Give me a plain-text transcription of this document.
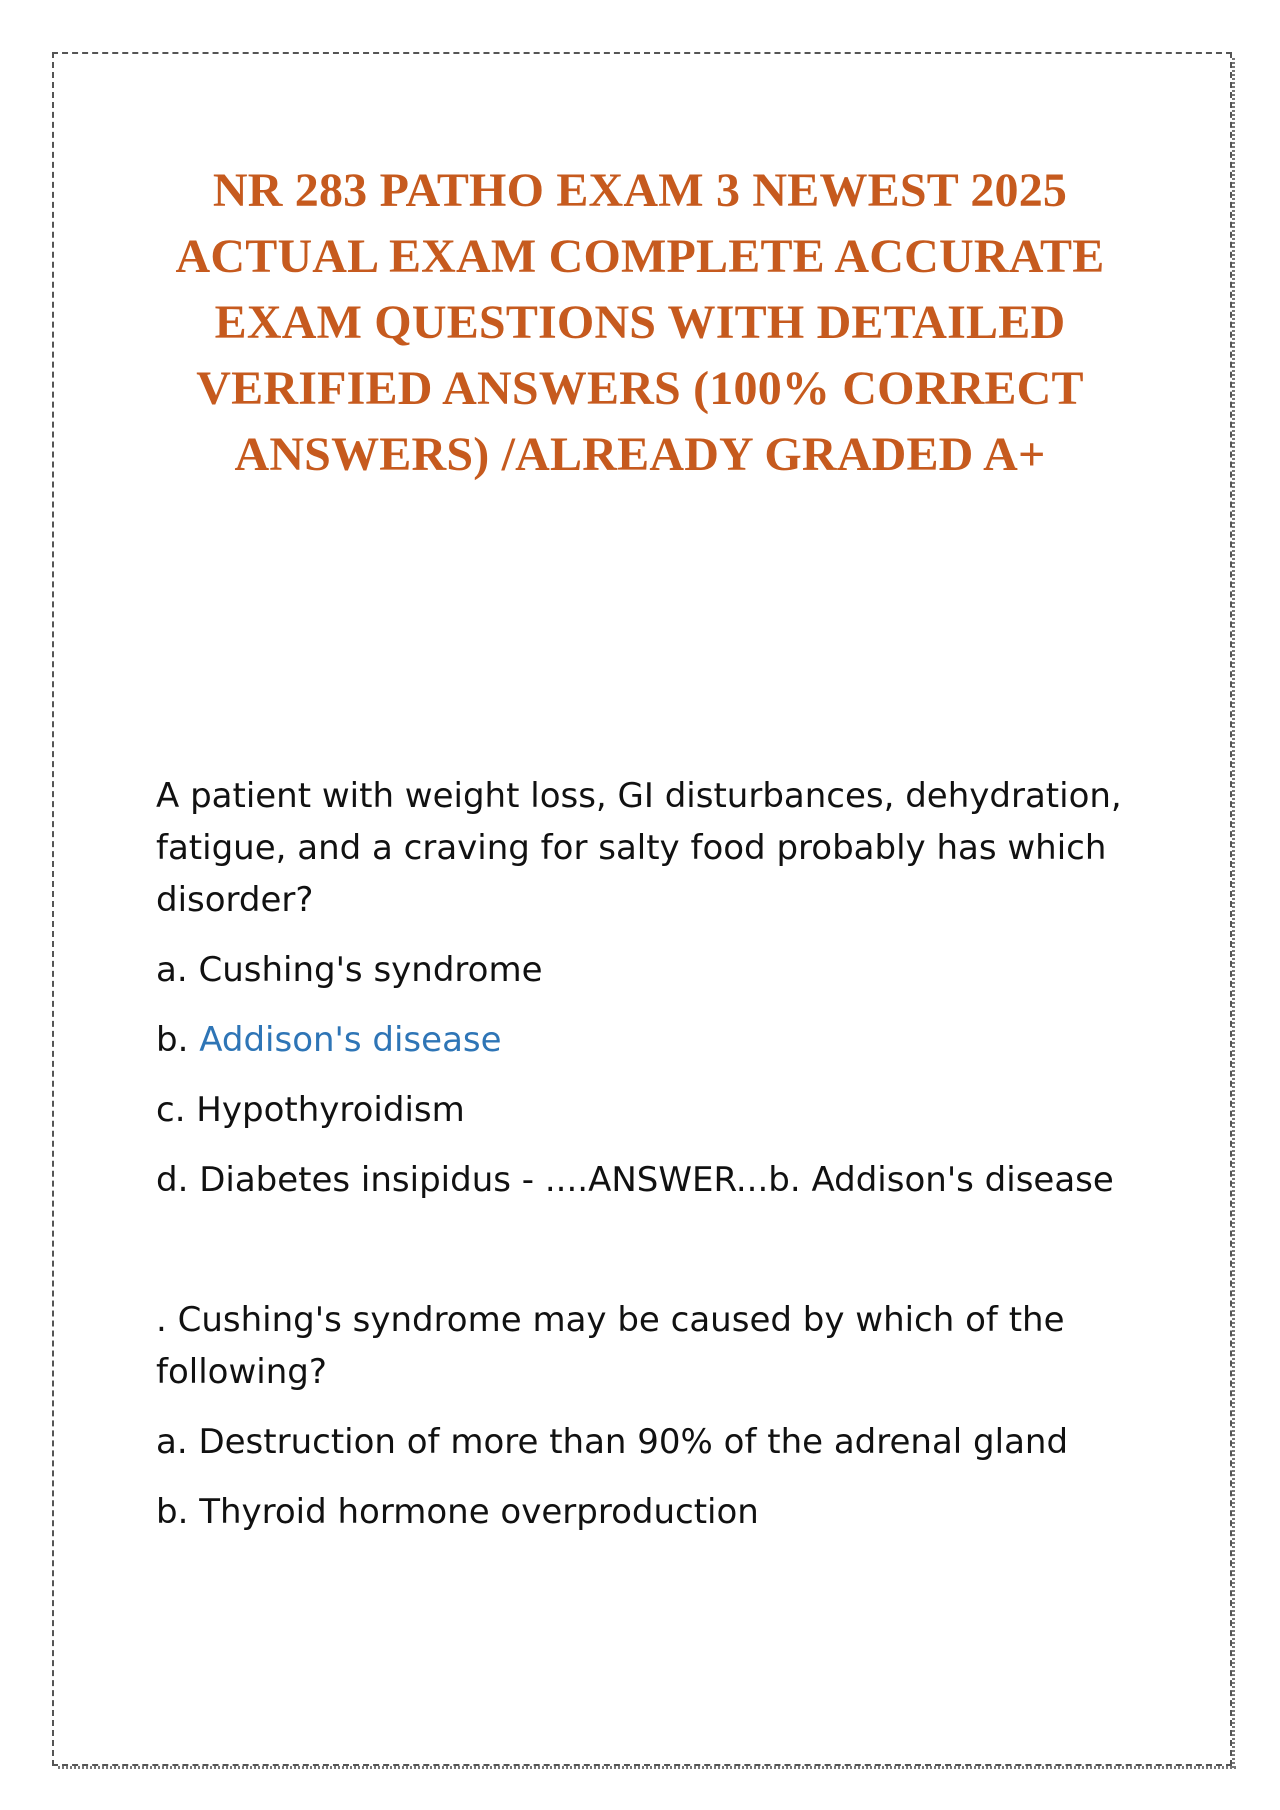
NR 283 PATHO EXAM 3 NEWEST 2025 ACTUAL EXAM COMPLETE ACCURATE EXAM QUESTIONS WITH DETAILED VERIFIED ANSWERS (100% CORRECT ANSWERS) /ALREADY GRADED A+

A patient with weight loss, GI disturbances, dehydration, fatigue, and a craving for salty food probably has which disorder?

a. Cushing's syndrome

b. Addison's disease

c. Hypothyroidism

d. Diabetes insipidus - ....ANSWER...b. Addison's disease

. Cushing's syndrome may be caused by which of the following?

a. Destruction of more than 90% of the adrenal gland

b. Thyroid hormone overproduction
